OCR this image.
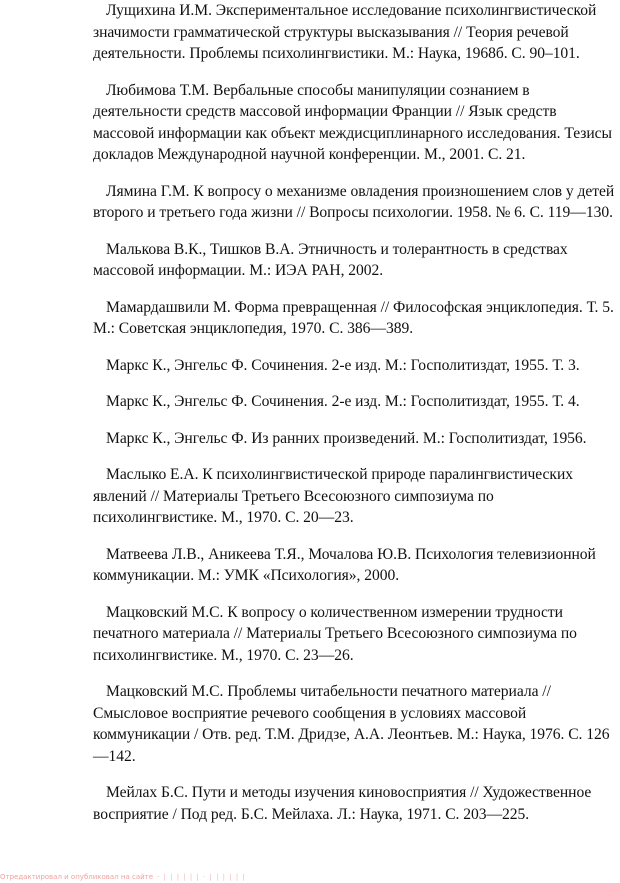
Лущихина И.М. Экспериментальное исследование психолингвистической значимости грамматической структуры высказывания // Теория речевой деятельности. Проблемы психолингвистики. М.: Наука, 1968б. С. 90–101.
Любимова Т.М. Вербальные способы манипуляции сознанием в деятельности средств массовой информации Франции // Язык средств массовой информации как объект междисциплинарного исследования. Тезисы докладов Международной научной конференции. М., 2001. С. 21.
Лямина Г.М. К вопросу о механизме овладения произношением слов у детей второго и третьего года жизни // Вопросы психологии. 1958. № 6. С. 119—130.
Малькова В.К., Тишков В.А. Этничность и толерантность в средствах массовой информации. М.: ИЭА РАН, 2002.
Мамардашвили М. Форма превращенная // Философская энциклопедия. Т. 5. М.: Советская энциклопедия, 1970. С. 386—389.
Маркс К., Энгельс Ф. Сочинения. 2-е изд. М.: Госполитиздат, 1955. Т. 3.
Маркс К., Энгельс Ф. Сочинения. 2-е изд. М.: Госполитиздат, 1955. Т. 4.
Маркс К., Энгельс Ф. Из ранних произведений. М.: Госполитиздат, 1956.
Маслыко Е.А. К психолингвистической природе паралингвистических явлений // Материалы Третьего Всесоюзного симпозиума по психолингвистике. М., 1970. С. 20—23.
Матвеева Л.В., Аникеева Т.Я., Мочалова Ю.В. Психология телевизионной коммуникации. М.: УМК «Психология», 2000.
Мацковский М.С. К вопросу о количественном измерении трудности печатного материала // Материалы Третьего Всесоюзного симпозиума по психолингвистике. М., 1970. С. 23—26.
Мацковский М.С. Проблемы читабельности печатного материала // Смысловое восприятие речевого сообщения в условиях массовой коммуникации / Отв. ред. Т.М. Дридзе, А.А. Леонтьев. М.: Наука, 1976. С. 126—142.
Мейлах Б.С. Пути и методы изучения киновосприятия // Художественное восприятие / Под ред. Б.С. Мейлаха. Л.: Наука, 1971. С. 203—225.
Отредактировал и опубликовал на сайте · | | | | | | · | | | | | |
